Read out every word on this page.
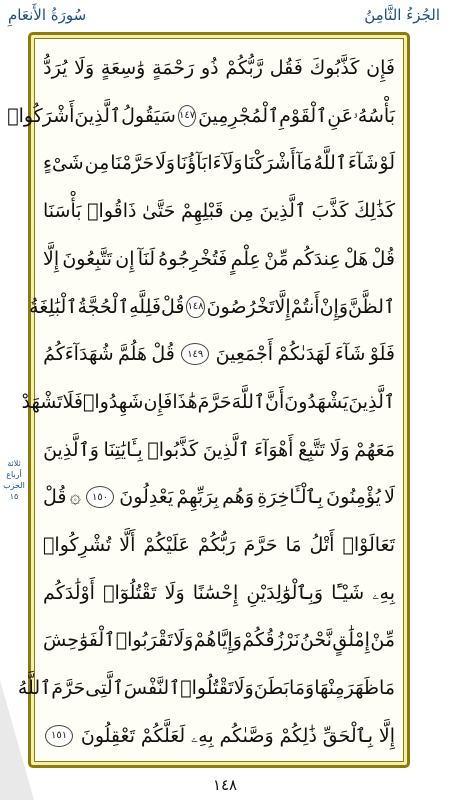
سُورَةُ الأَنعَامِ	الجُزءُ الثَّامِنُ
ثلاثة أرباع
الحزب
١٥
فَإِن
كَذَّبُوكَ
فَقُل
رَّبُّكُمْ
ذُو
رَحْمَةٍ
وَٰسِعَةٍ
وَلَا
يُرَدُّ
بَأْسُهُۥ
عَنِ
ٱلْقَوْمِ
ٱلْمُجْرِمِينَ
١٤٧
سَيَقُولُ
ٱلَّذِينَ
أَشْرَكُوا۟
لَوْ
شَآءَ
ٱللَّهُ
مَآ
أَشْرَكْنَا
وَلَآ
ءَابَآؤُنَا
وَلَا
حَرَّمْنَا
مِن
شَىْءٍ
كَذَٰلِكَ
كَذَّبَ
ٱلَّذِينَ
مِن
قَبْلِهِمْ
حَتَّىٰ
ذَاقُوا۟
بَأْسَنَا
قُلْ
هَلْ
عِندَكُم
مِّنْ
عِلْمٍ
فَتُخْرِجُوهُ
لَنَآ
إِن
تَتَّبِعُونَ
إِلَّا
ٱلظَّنَّ
وَإِنْ
أَنتُمْ
إِلَّا
تَخْرُصُونَ
١٤٨
قُلْ
فَلِلَّهِ
ٱلْحُجَّةُ
ٱلْبَٰلِغَةُ
فَلَوْ
شَآءَ
لَهَدَىٰكُمْ
أَجْمَعِينَ
١٤٩
قُلْ
هَلُمَّ
شُهَدَآءَكُمُ
ٱلَّذِينَ
يَشْهَدُونَ
أَنَّ
ٱللَّهَ
حَرَّمَ
هَٰذَا
فَإِن
شَهِدُوا۟
فَلَا
تَشْهَدْ
مَعَهُمْ
وَلَا
تَتَّبِعْ
أَهْوَآءَ
ٱلَّذِينَ
كَذَّبُوا۟
بِـَٔايَٰتِنَا
وَٱلَّذِينَ
لَا
يُؤْمِنُونَ
بِٱلْـَٔاخِرَةِ
وَهُم
بِرَبِّهِمْ
يَعْدِلُونَ
١٥٠
۞
قُلْ
تَعَالَوْا۟
أَتْلُ
مَا
حَرَّمَ
رَبُّكُمْ
عَلَيْكُمْ
أَلَّا
تُشْرِكُوا۟
بِهِۦ
شَيْـًٔا
وَبِٱلْوَٰلِدَيْنِ
إِحْسَٰنًا
وَلَا
تَقْتُلُوٓا۟
أَوْلَٰدَكُم
مِّنْ
إِمْلَٰقٍ
نَّحْنُ
نَرْزُقُكُمْ
وَإِيَّاهُمْ
وَلَا
تَقْرَبُوا۟
ٱلْفَوَٰحِشَ
مَا
ظَهَرَ
مِنْهَا
وَمَا
بَطَنَ
وَلَا
تَقْتُلُوا۟
ٱلنَّفْسَ
ٱلَّتِى
حَرَّمَ
ٱللَّهُ
إِلَّا
بِٱلْحَقِّ
ذَٰلِكُمْ
وَصَّىٰكُم
بِهِۦ
لَعَلَّكُمْ
تَعْقِلُونَ
١٥١
١٤٨
